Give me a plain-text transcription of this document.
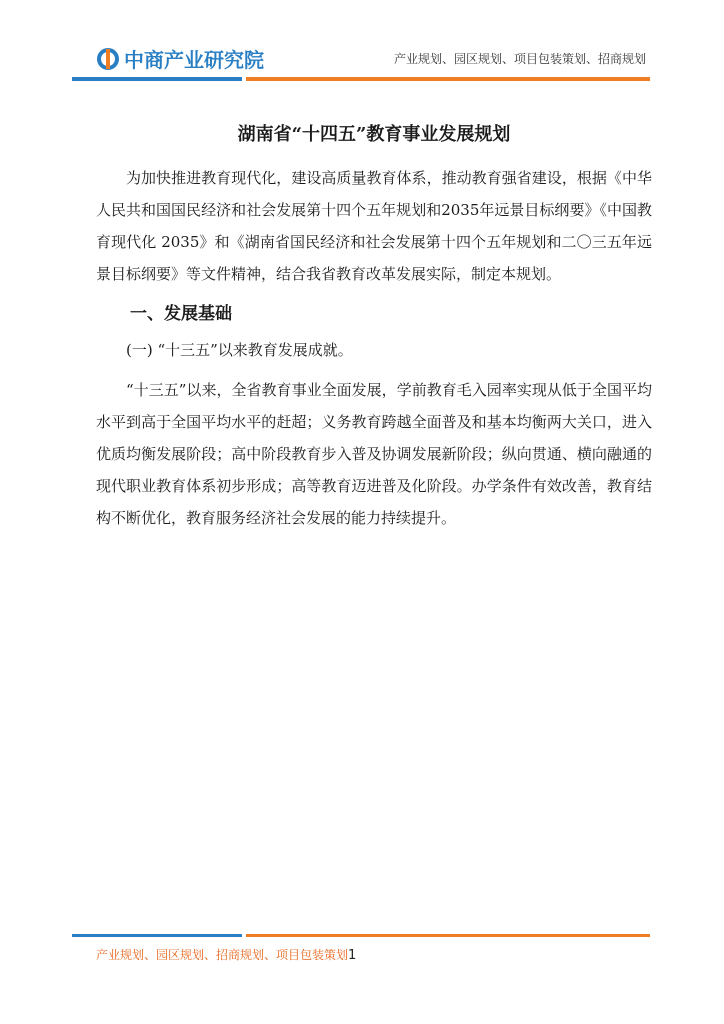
中商产业研究院	产业规划、园区规划、项目包装策划、招商规划
湖南省“十四五”教育事业发展规划

为加快推进教育现代化，建设高质量教育体系，推动教育强省建设，根据《中华人民共和国国民经济和社会发展第十四个五年规划和2035年远景目标纲要》《中国教育现代化 2035》和《湖南省国民经济和社会发展第十四个五年规划和二〇三五年远景目标纲要》等文件精神，结合我省教育改革发展实际，制定本规划。

一、发展基础
(一) “十三五”以来教育发展成就。

“十三五”以来，全省教育事业全面发展，学前教育毛入园率实现从低于全国平均水平到高于全国平均水平的赶超；义务教育跨越全面普及和基本均衡两大关口，进入优质均衡发展阶段；高中阶段教育步入普及协调发展新阶段；纵向贯通、横向融通的现代职业教育体系初步形成；高等教育迈进普及化阶段。办学条件有效改善，教育结构不断优化，教育服务经济社会发展的能力持续提升。

产业规划、园区规划、招商规划、项目包装策划1
